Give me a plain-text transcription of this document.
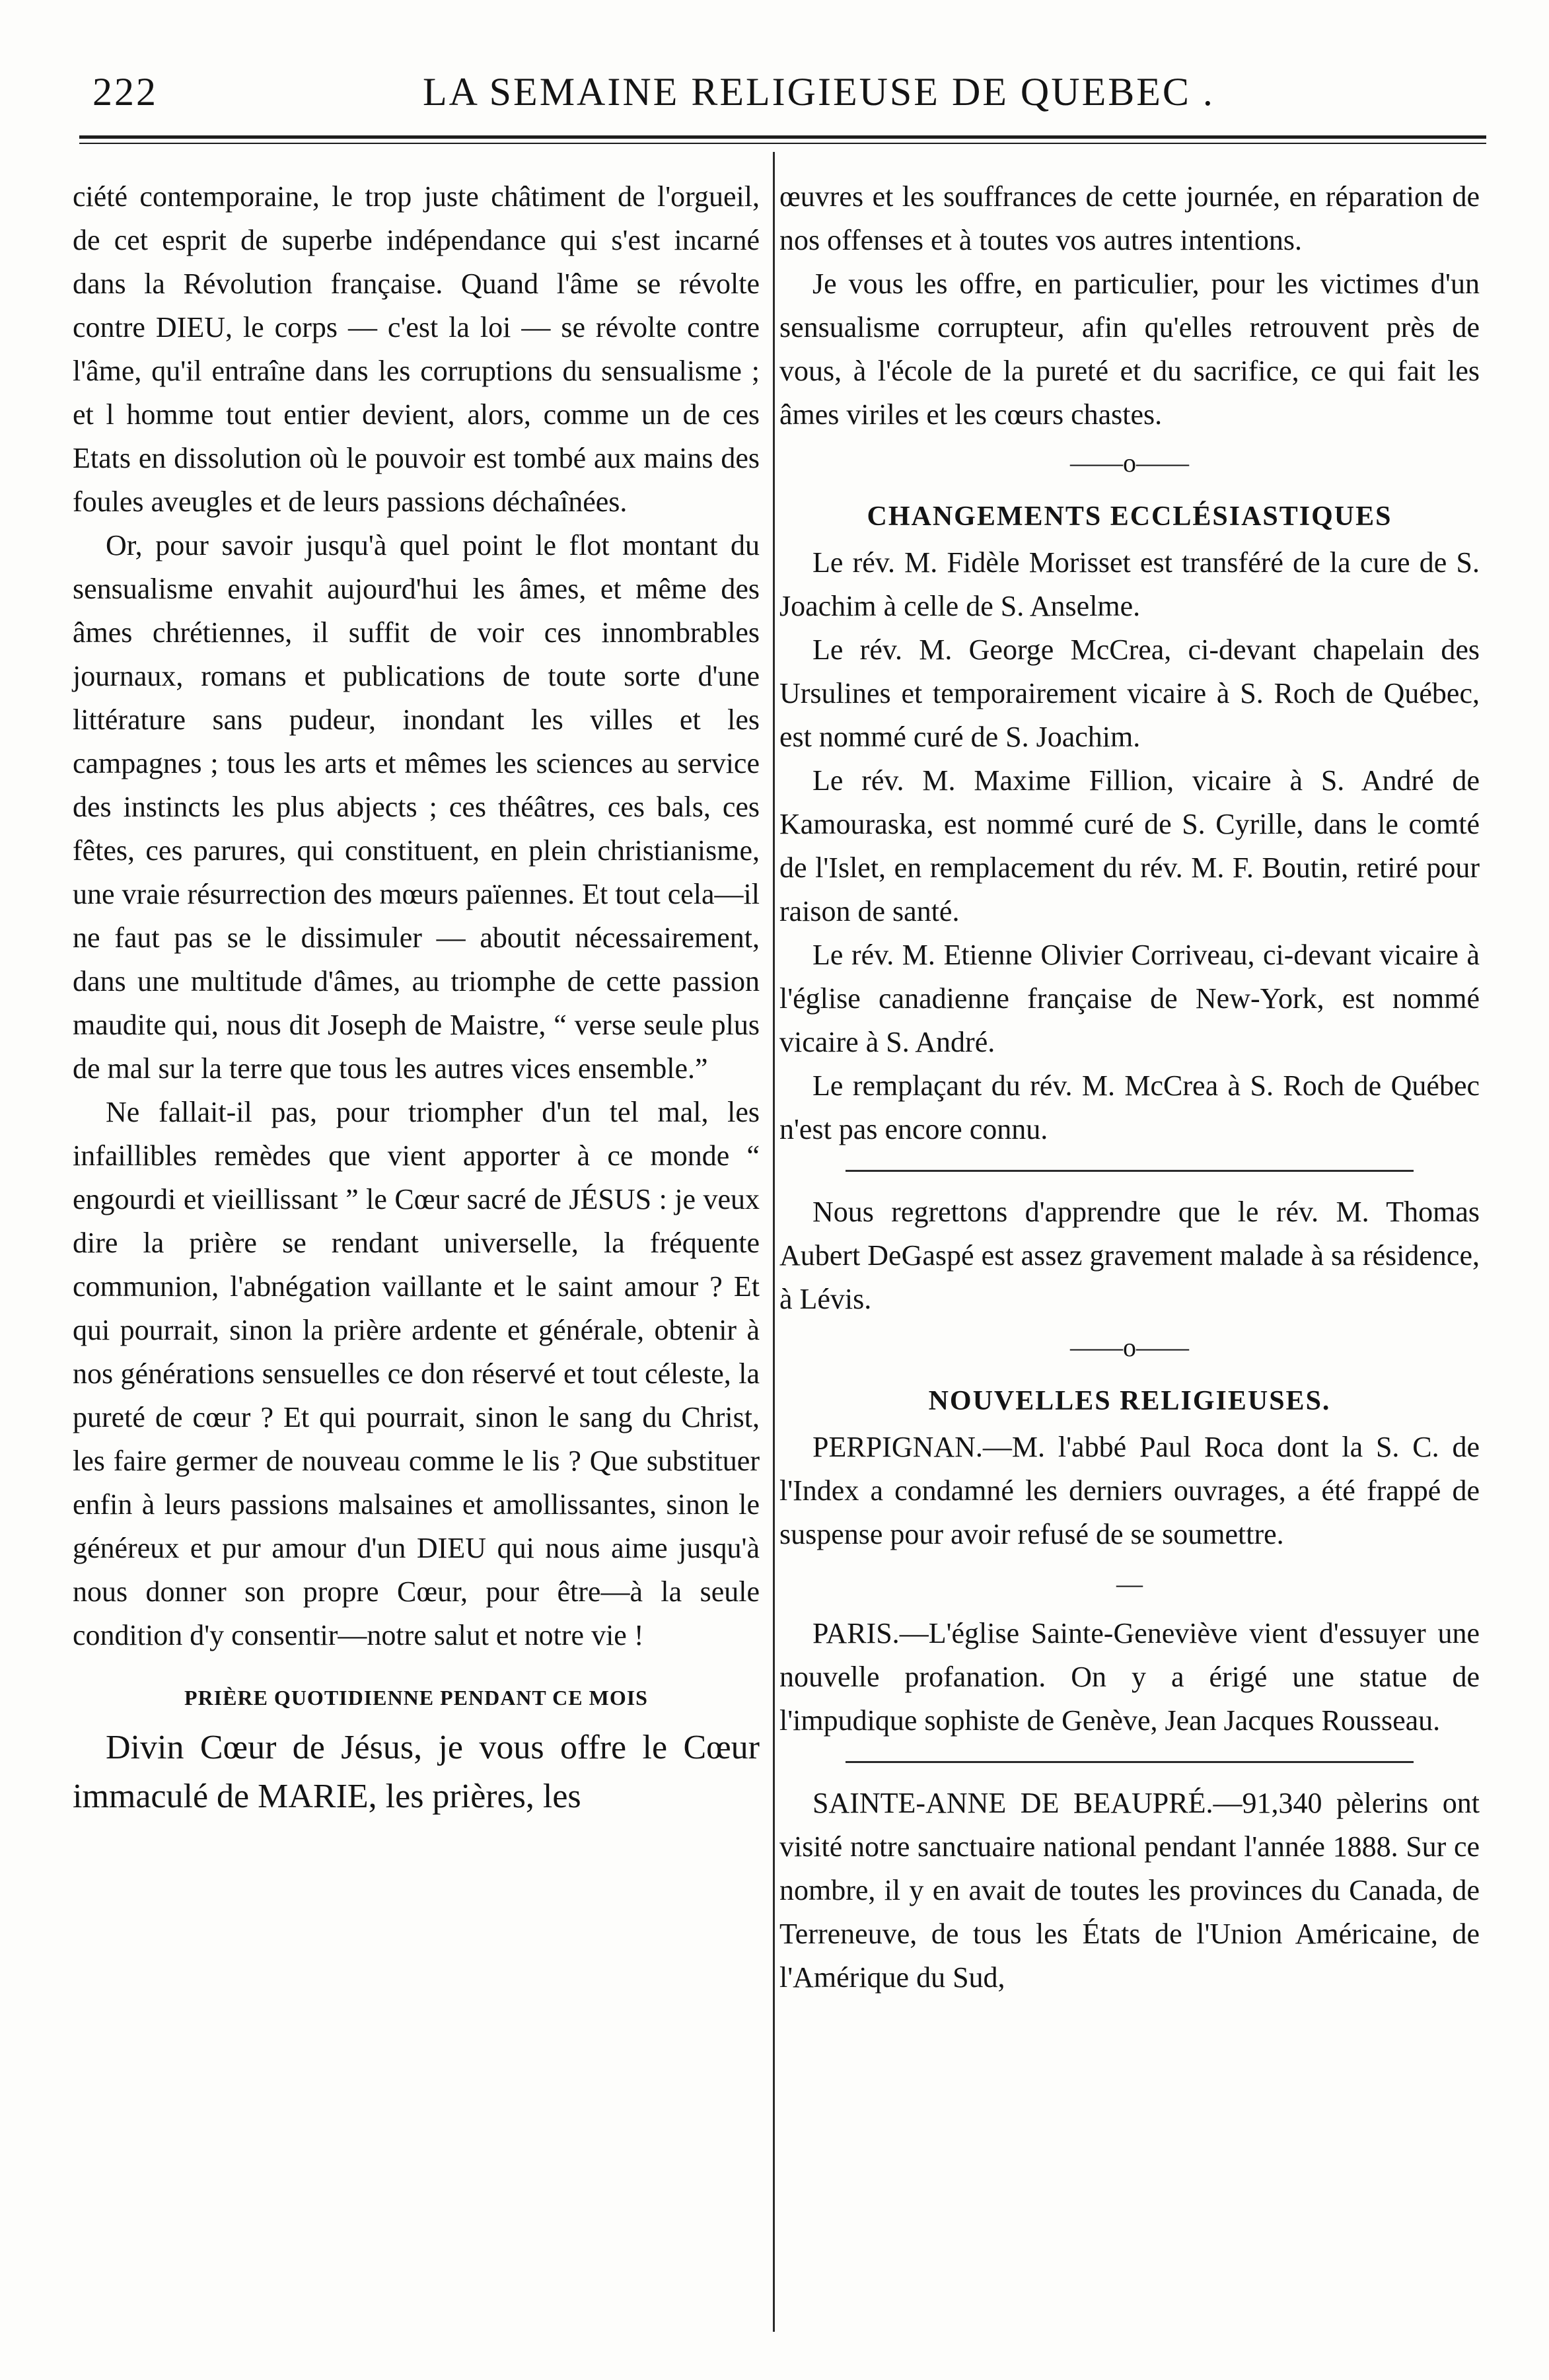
222	LA SEMAINE RELIGIEUSE DE QUEBEC .

ciété contemporaine, le trop juste châtiment de l'orgueil, de cet esprit de superbe indépendance qui s'est incarné dans la Révolution française. Quand l'âme se révolte contre DIEU, le corps — c'est la loi — se révolte contre l'âme, qu'il entraîne dans les corruptions du sensualisme ; et l homme tout entier devient, alors, comme un de ces Etats en dissolution où le pouvoir est tombé aux mains des foules aveugles et de leurs passions déchaînées.

Or, pour savoir jusqu'à quel point le flot montant du sensualisme envahit aujourd'hui les âmes, et même des âmes chrétiennes, il suffit de voir ces innombrables journaux, romans et publications de toute sorte d'une littérature sans pudeur, inondant les villes et les campagnes ; tous les arts et mêmes les sciences au service des instincts les plus abjects ; ces théâtres, ces bals, ces fêtes, ces parures, qui constituent, en plein christianisme, une vraie résurrection des mœurs païennes. Et tout cela—il ne faut pas se le dissimuler — aboutit nécessairement, dans une multitude d'âmes, au triomphe de cette passion maudite qui, nous dit Joseph de Maistre, “ verse seule plus de mal sur la terre que tous les autres vices ensemble.”

Ne fallait-il pas, pour triompher d'un tel mal, les infaillibles remèdes que vient apporter à ce monde “ engourdi et vieillissant ” le Cœur sacré de JÉSUS : je veux dire la prière se rendant universelle, la fréquente communion, l'abnégation vaillante et le saint amour ? Et qui pourrait, sinon la prière ardente et générale, obtenir à nos générations sensuelles ce don réservé et tout céleste, la pureté de cœur ? Et qui pourrait, sinon le sang du Christ, les faire germer de nouveau comme le lis ? Que substituer enfin à leurs passions malsaines et amollissantes, sinon le généreux et pur amour d'un DIEU qui nous aime jusqu'à nous donner son propre Cœur, pour être—à la seule condition d'y consentir—notre salut et notre vie !

PRIÈRE QUOTIDIENNE PENDANT CE MOIS

Divin Cœur de Jésus, je vous offre le Cœur immaculé de MARIE, les prières, les

œuvres et les souffrances de cette journée, en réparation de nos offenses et à toutes vos autres intentions.

Je vous les offre, en particulier, pour les victimes d'un sensualisme corrupteur, afin qu'elles retrouvent près de vous, à l'école de la pureté et du sacrifice, ce qui fait les âmes viriles et les cœurs chastes.

——o——
CHANGEMENTS ECCLÉSIASTIQUES

Le rév. M. Fidèle Morisset est transféré de la cure de S. Joachim à celle de S. Anselme.

Le rév. M. George McCrea, ci-devant chapelain des Ursulines et temporairement vicaire à S. Roch de Québec, est nommé curé de S. Joachim.

Le rév. M. Maxime Fillion, vicaire à S. André de Kamouraska, est nommé curé de S. Cyrille, dans le comté de l'Islet, en remplacement du rév. M. F. Boutin, retiré pour raison de santé.

Le rév. M. Etienne Olivier Corriveau, ci-devant vicaire à l'église canadienne française de New-York, est nommé vicaire à S. André.

Le remplaçant du rév. M. McCrea à S. Roch de Québec n'est pas encore connu.

Nous regrettons d'apprendre que le rév. M. Thomas Aubert DeGaspé est assez gravement malade à sa résidence, à Lévis.

——o——
NOUVELLES RELIGIEUSES.

PERPIGNAN.—M. l'abbé Paul Roca dont la S. C. de l'Index a condamné les derniers ouvrages, a été frappé de suspense pour avoir refusé de se soumettre.

—

PARIS.—L'église Sainte-Geneviève vient d'essuyer une nouvelle profanation. On y a érigé une statue de l'impudique sophiste de Genève, Jean Jacques Rousseau.

SAINTE-ANNE DE BEAUPRÉ.—91,340 pèlerins ont visité notre sanctuaire national pendant l'année 1888. Sur ce nombre, il y en avait de toutes les provinces du Canada, de Terreneuve, de tous les États de l'Union Américaine, de l'Amérique du Sud,
